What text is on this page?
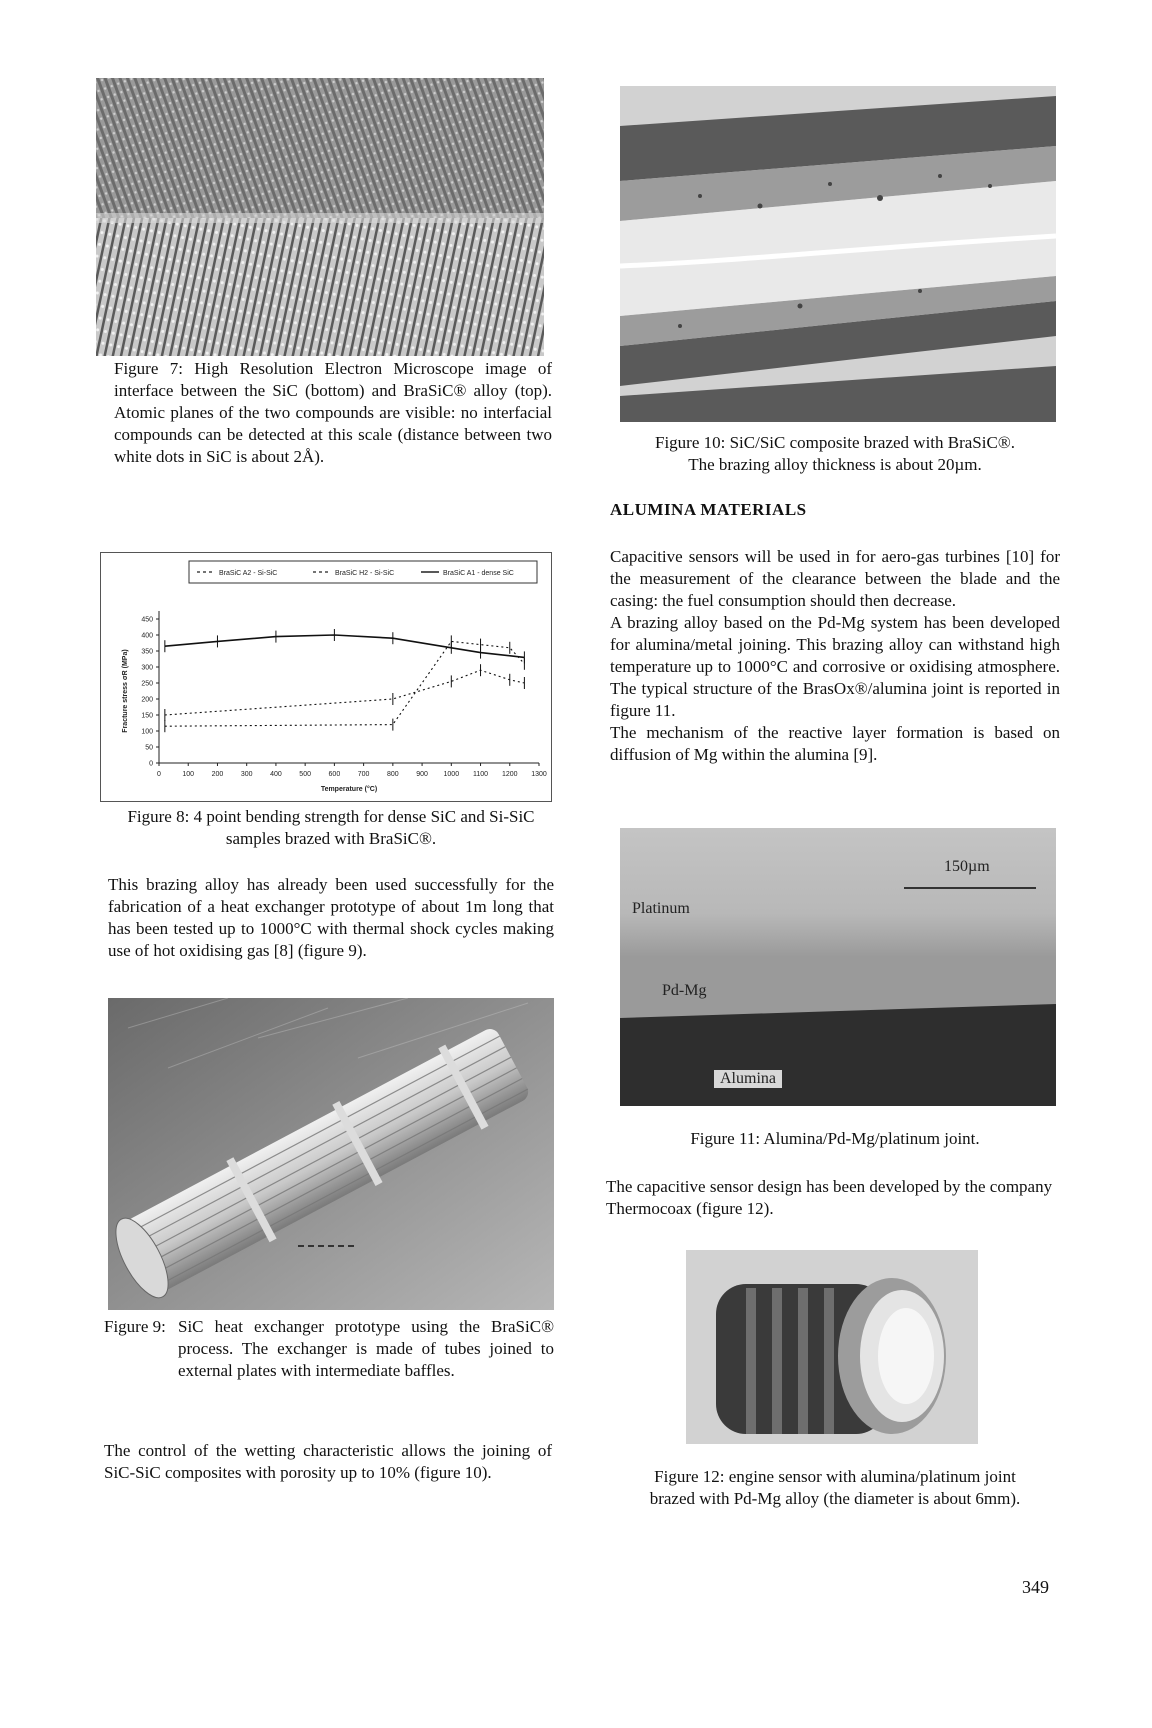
Figure 7: High Resolution Electron Microscope image of interface between the SiC (bottom) and BraSiC® alloy (top). Atomic planes of the two compounds are visible: no interfacial compounds can be detected at this scale (distance between two white dots in SiC is about 2Å).
BraSiC A2 - Si-SiC	BraSiC H2 - Si-SiC	BraSiC A1 - dense SiC
0	100	200	300	400	500	600	700	800	900 1000 1100 1200 1300
0
50
100
150
200
250
300
350
400
450
Temperature (°C)
Fracture stress σR (MPa)
Figure 8: 4 point bending strength for dense SiC and Si-SiC samples brazed with BraSiC®.
This brazing alloy has already been used successfully for the fabrication of a heat exchanger prototype of about 1m long that has been tested up to 1000°C with thermal shock cycles making use of hot oxidising gas [8] (figure 9).
Figure 9: SiC heat exchanger prototype using the BraSiC® process. The exchanger is made of tubes joined to external plates with intermediate baffles.
The control of the wetting characteristic allows the joining of SiC-SiC composites with porosity up to 10% (figure 10).
Figure 10: SiC/SiC composite brazed with BraSiC®.
The brazing alloy thickness is about 20µm.
ALUMINA MATERIALS

Capacitive sensors will be used in for aero-gas turbines [10] for the measurement of the clearance between the blade and the casing: the fuel consumption should then decrease.

A brazing alloy based on the Pd-Mg system has been developed for alumina/metal joining. This brazing alloy can withstand high temperature up to 1000°C and corrosive or oxidising atmosphere. The typical structure of the BrasOx®/alumina joint is reported in figure 11.

The mechanism of the reactive layer formation is based on diffusion of Mg within the alumina [9].

150µm
Platinum
Pd-Mg
Alumina
Figure 11: Alumina/Pd-Mg/platinum joint.
The capacitive sensor design has been developed by the company Thermocoax (figure 12).
Figure 12: engine sensor with alumina/platinum joint
brazed with Pd-Mg alloy (the diameter is about 6mm).
349
